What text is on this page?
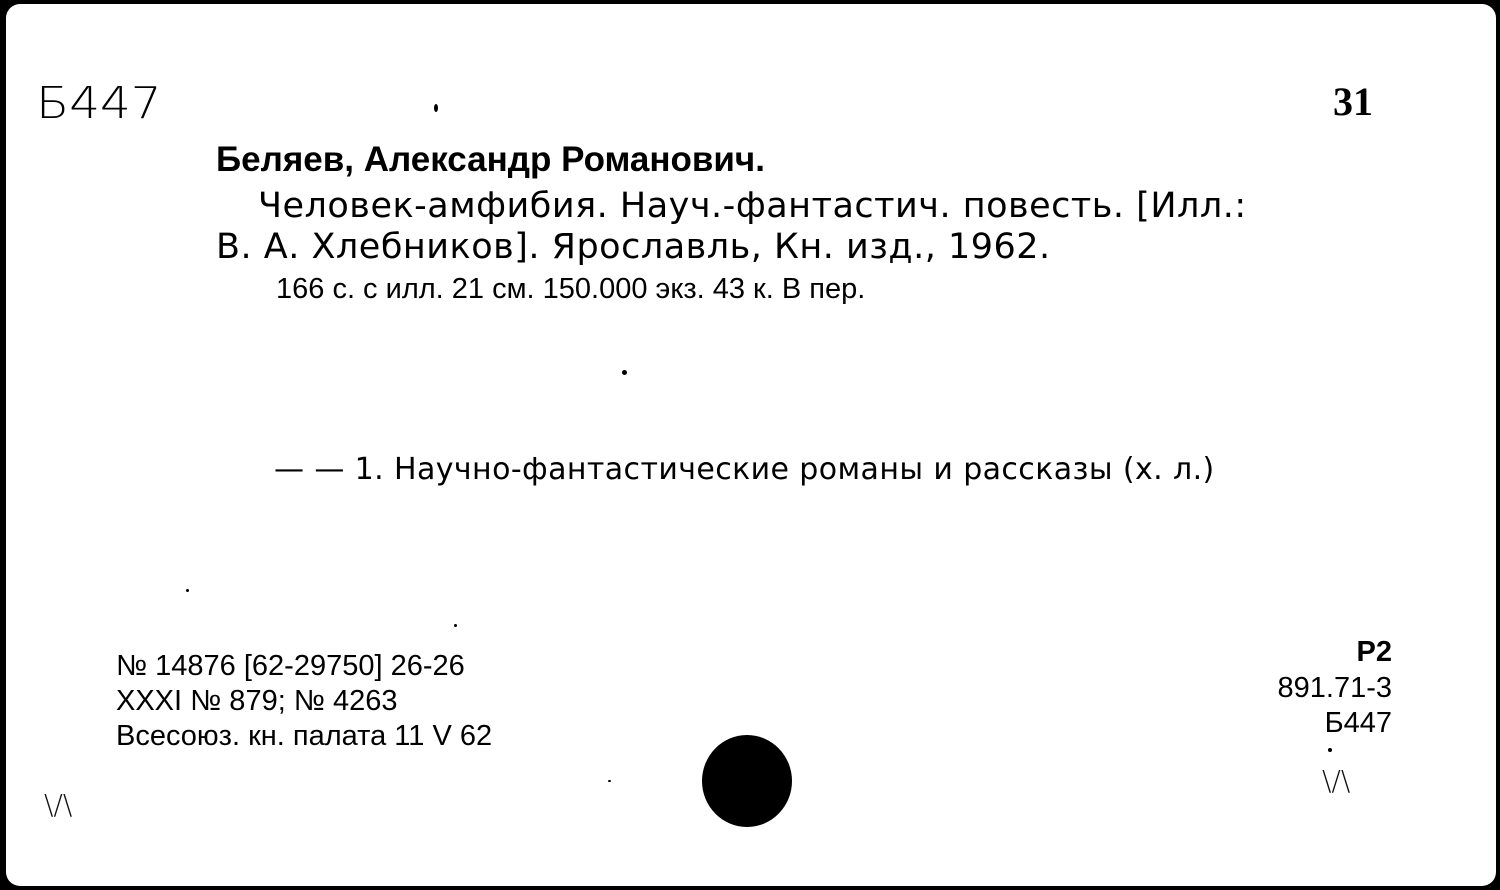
Б447	31
Беляев, Александр Романович.
Человек-амфибия. Науч.-фантастич. повесть. [Илл.:
В. А. Хлебников]. Ярославль, Кн. изд., 1962.
166 с. с илл. 21 см. 150.000 экз. 43 к. В пер.
— — 1. Научно-фантастические романы и рассказы (х. л.)
№ 14876 [62-29750] 26-26
XXXI № 879; № 4263
Всесоюз. кн. палата 11 V 62
Р2
891.71-3
Б447
\/\
\/\
